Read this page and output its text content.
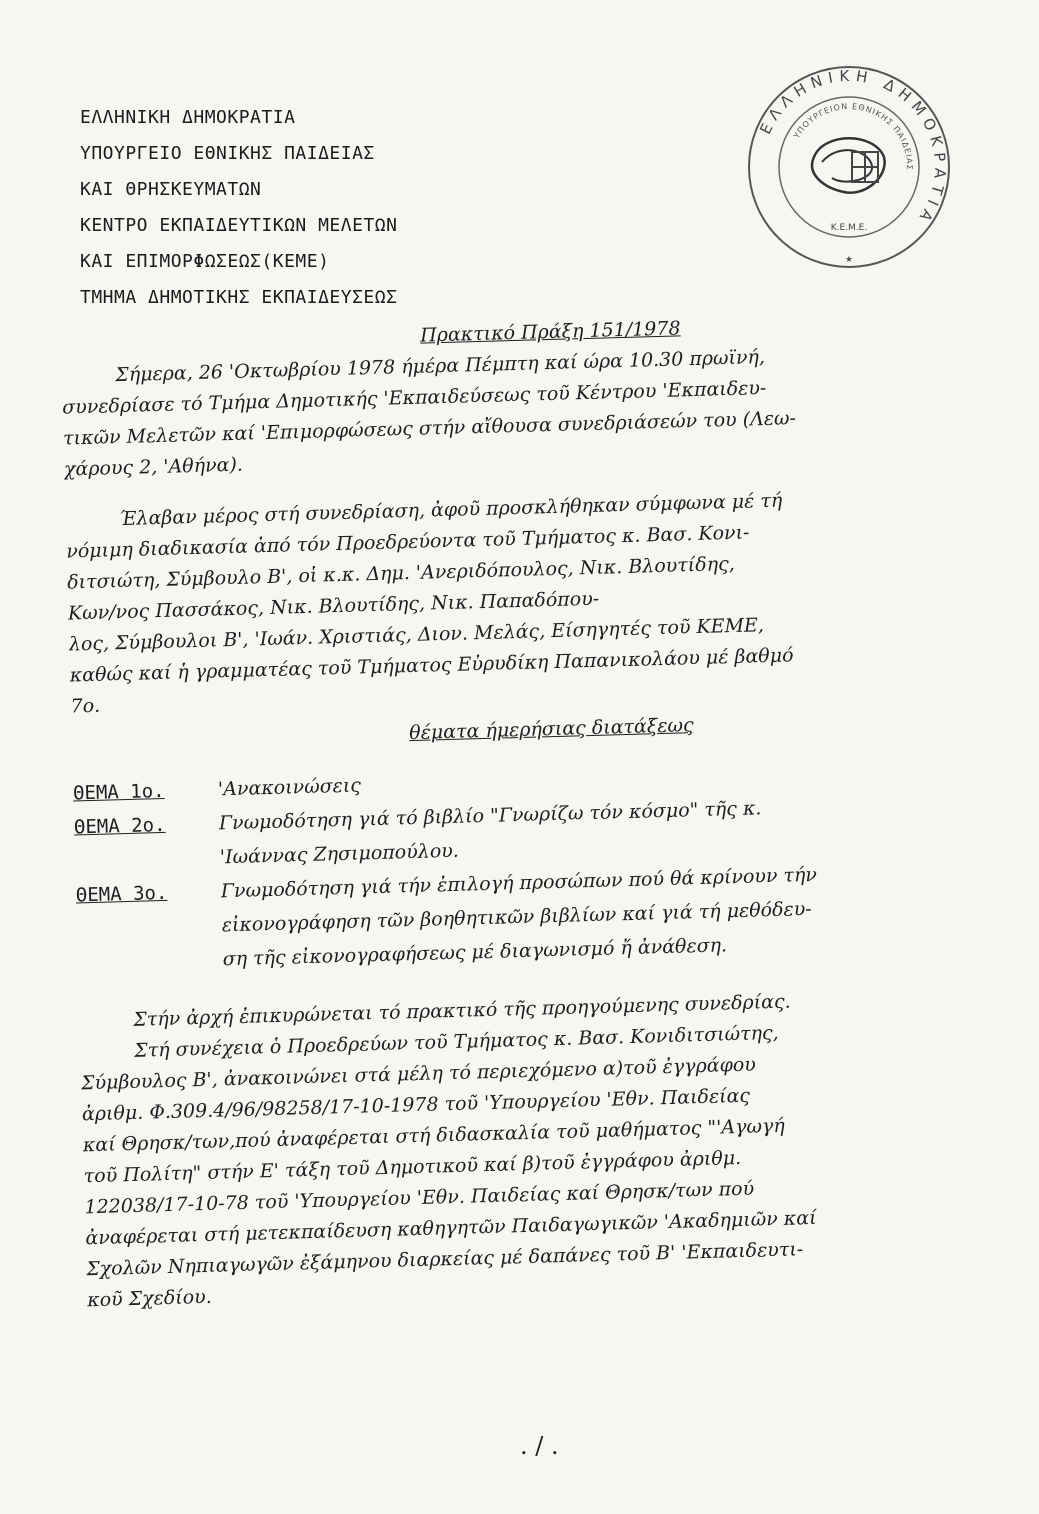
ΕΛΛΗΝΙΚΗ ΔΗΜΟΚΡΑΤΙΑ
ΥΠΟΥΡΓΕΙΟ ΕΘΝΙΚΗΣ ΠΑΙΔΕΙΑΣ
ΚΑΙ ΘΡΗΣΚΕΥΜΑΤΩΝ
ΚΕΝΤΡΟ ΕΚΠΑΙΔΕΥΤΙΚΩΝ ΜΕΛΕΤΩΝ
ΚΑΙ ΕΠΙΜΟΡΦΩΣΕΩΣ(ΚΕΜΕ)
ΤΜΗΜΑ ΔΗΜΟΤΙΚΗΣ ΕΚΠΑΙΔΕΥΣΕΩΣ
ΕΛΛΗΝΙΚΗ ΔΗΜΟΚΡΑΤΙΑ
ΥΠΟΥΡΓΕΙΟΝ ΕΘΝΙΚΗΣ ΠΑΙΔΕΙΑΣ
Κ.Ε.Μ.Ε.
★
Πρακτικό Πράξη 151/1978
Σήμερα, 26 'Οκτωβρίου 1978 ήμέρα Πέμπτη καί ώρα 10.30 πρωϊνή,
συνεδρίασε τό Τμήμα Δημοτικής 'Εκπαιδεύσεως τοῦ Κέντρου 'Εκπαιδευ-
τικῶν Μελετῶν καί 'Επιμορφώσεως στήν αἴθουσα συνεδριάσεών του (Λεω-
χάρους 2, 'Αθήνα).
Έλαβαν μέρος στή συνεδρίαση, ἀφοῦ προσκλήθηκαν σύμφωνα μέ τή
νόμιμη διαδικασία ἀπό τόν Προεδρεύοντα τοῦ Τμήματος κ. Βασ. Κονι-
διτσιώτη, Σύμβουλο Β', οἱ κ.κ. Δημ. 'Ανεριδόπουλος, Νικ. Βλουτίδης,
Κων/νος Πασσάκος, Νικ. Βλουτίδης, Νικ. Παπαδόπου-
λος, Σύμβουλοι Β', 'Ιωάν. Χριστιάς, Διον. Μελάς, Είσηγητές τοῦ ΚΕΜΕ,
καθώς καί ἡ γραμματέας τοῦ Τμήματος Εὐρυδίκη Παπανικολάου μέ βαθμό
7ο.
θέματα ήμερήσιας διατάξεως
ΘΕΜΑ 1ο.	'Ανακοινώσεις
ΘΕΜΑ 2ο.	Γνωμοδότηση γιά τό βιβλίο "Γνωρίζω τόν κόσμο" τῆς κ.
'Ιωάννας Ζησιμοπούλου.
ΘΕΜΑ 3ο.	Γνωμοδότηση γιά τήν ἐπιλογή προσώπων πού θά κρίνουν τήν
εἰκονογράφηση τῶν βοηθητικῶν βιβλίων καί γιά τή μεθόδευ-
ση τῆς εἰκονογραφήσεως μέ διαγωνισμό ἤ ἀνάθεση.
Στήν ἀρχή ἐπικυρώνεται τό πρακτικό τῆς προηγούμενης συνεδρίας.
Στή συνέχεια ὁ Προεδρεύων τοῦ Τμήματος κ. Βασ. Κονιδιτσιώτης,
Σύμβουλος Β', ἀνακοινώνει στά μέλη τό περιεχόμενο α)τοῦ ἐγγράφου
ἀριθμ. Φ.309.4/96/98258/17-10-1978 τοῦ 'Υπουργείου 'Εθν. Παιδείας
καί Θρησκ/των,πού ἀναφέρεται στή διδασκαλία τοῦ μαθήματος "'Αγωγή
τοῦ Πολίτη" στήν Ε' τάξη τοῦ Δημοτικοῦ καί β)τοῦ ἐγγράφου ἀριθμ.
122038/17-10-78 τοῦ 'Υπουργείου 'Εθν. Παιδείας καί Θρησκ/των πού
ἀναφέρεται στή μετεκπαίδευση καθηγητῶν Παιδαγωγικῶν 'Ακαδημιῶν καί
Σχολῶν Νηπιαγωγῶν ἐξάμηνου διαρκείας μέ δαπάνες τοῦ Β' 'Εκπαιδευτι-
κοῦ Σχεδίου.
. / .
